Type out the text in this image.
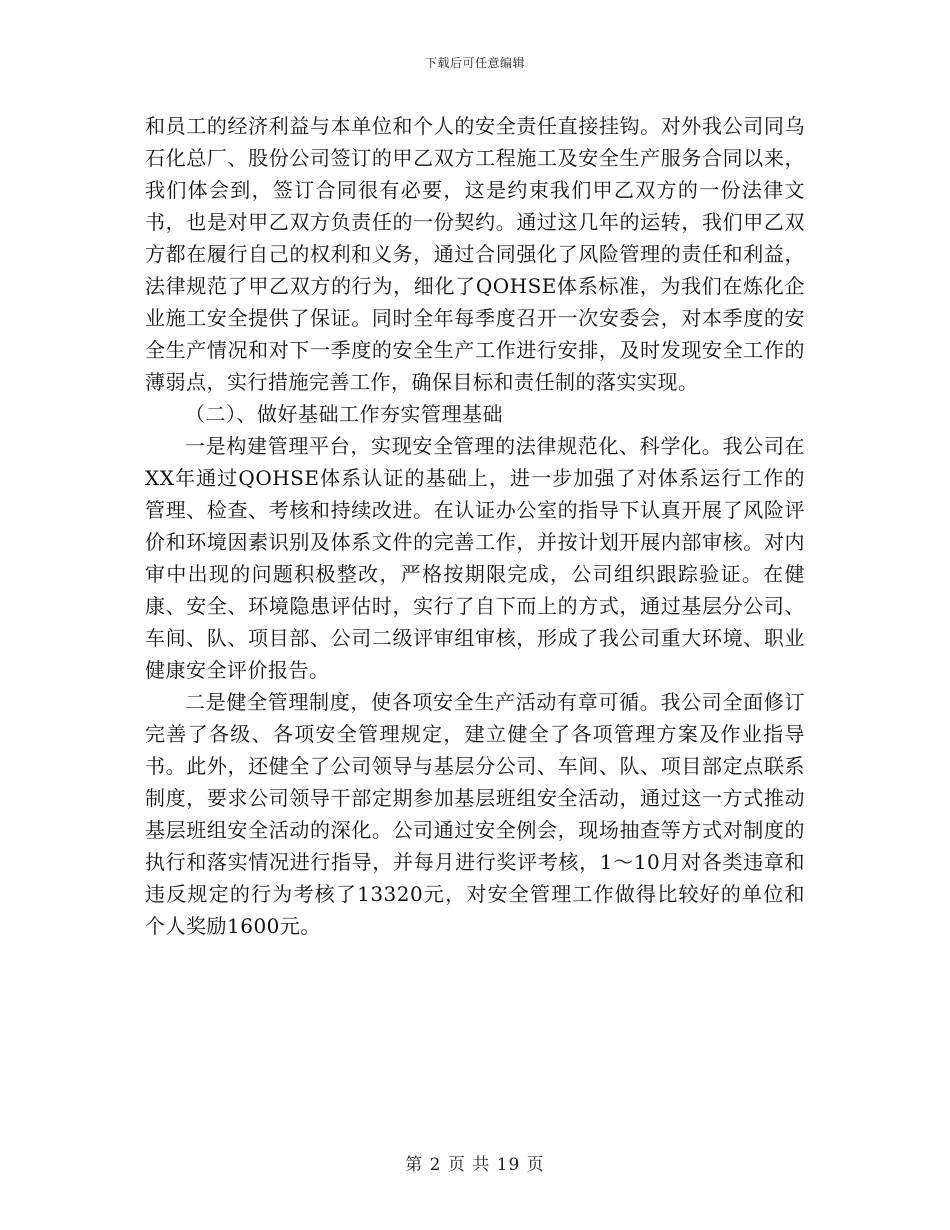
下载后可任意编辑

和员工的经济利益与本单位和个人的安全责任直接挂钩。对外我公司同乌石化总厂、股份公司签订的甲乙双方工程施工及安全生产服务合同以来，我们体会到，签订合同很有必要，这是约束我们甲乙双方的一份法律文书，也是对甲乙双方负责任的一份契约。通过这几年的运转，我们甲乙双方都在履行自己的权利和义务，通过合同强化了风险管理的责任和利益，法律规范了甲乙双方的行为，细化了QOHSE体系标准，为我们在炼化企业施工安全提供了保证。同时全年每季度召开一次安委会，对本季度的安全生产情况和对下一季度的安全生产工作进行安排，及时发现安全工作的薄弱点，实行措施完善工作，确保目标和责任制的落实实现。

（二）、做好基础工作夯实管理基础

一是构建管理平台，实现安全管理的法律规范化、科学化。我公司在XX年通过QOHSE体系认证的基础上，进一步加强了对体系运行工作的管理、检查、考核和持续改进。在认证办公室的指导下认真开展了风险评价和环境因素识别及体系文件的完善工作，并按计划开展内部审核。对内审中出现的问题积极整改，严格按期限完成，公司组织跟踪验证。在健康、安全、环境隐患评估时，实行了自下而上的方式，通过基层分公司、车间、队、项目部、公司二级评审组审核，形成了我公司重大环境、职业健康安全评价报告。

二是健全管理制度，使各项安全生产活动有章可循。我公司全面修订完善了各级、各项安全管理规定，建立健全了各项管理方案及作业指导书。此外，还健全了公司领导与基层分公司、车间、队、项目部定点联系制度，要求公司领导干部定期参加基层班组安全活动，通过这一方式推动基层班组安全活动的深化。公司通过安全例会，现场抽查等方式对制度的执行和落实情况进行指导，并每月进行奖评考核，1～10月对各类违章和违反规定的行为考核了13320元，对安全管理工作做得比较好的单位和个人奖励1600元。

第 2 页 共 19 页
